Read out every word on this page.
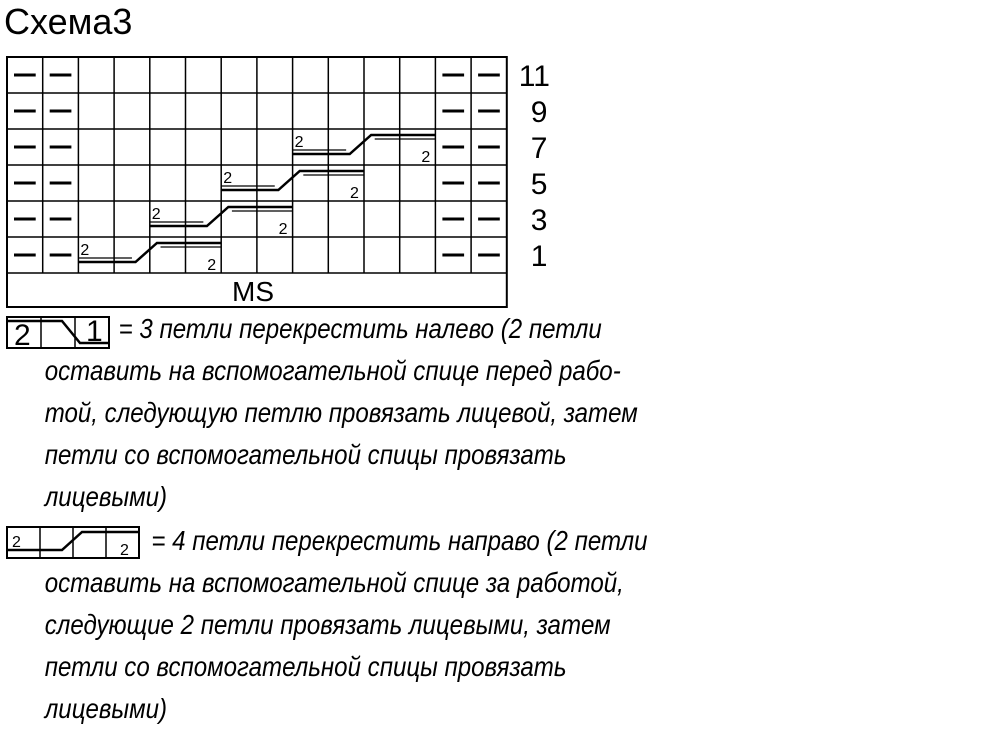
Схема3
11
9
7
5
3
1
2
2
2
2
2
2
2
2
MS
2 1
2	2
= 3 петли перекрестить налево (2 петли
оставить на вспомогательной спице перед рабо-
той, следующую петлю провязать лицевой, затем
петли со вспомогательной спицы провязать
лицевыми)
= 4 петли перекрестить направо (2 петли
оставить на вспомогательной спице за работой,
следующие 2 петли провязать лицевыми, затем
петли со вспомогательной спицы провязать
лицевыми)
